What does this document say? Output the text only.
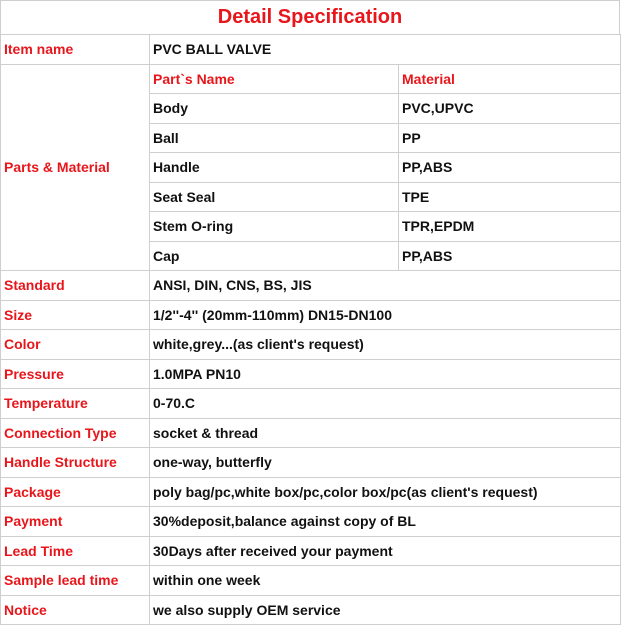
Detail Specification
Item name	PVC BALL VALVE	
Parts & Material	Part`s Name	Material
	Body	PVC,UPVC
	Ball	PP
	Handle	PP,ABS
	Seat Seal	TPE
	Stem O-ring	TPR,EPDM
	Cap	PP,ABS
Standard	ANSI, DIN, CNS, BS, JIS	
Size	1/2''-4'' (20mm-110mm) DN15-DN100	
Color	white,grey...(as client's request)	
Pressure	1.0MPA PN10	
Temperature	0-70.C	
Connection Type	socket & thread	
Handle Structure	one-way, butterfly	
Package	poly bag/pc,white box/pc,color box/pc(as client's request)	
Payment	30%deposit,balance against copy of BL	
Lead Time	30Days after received your payment	
Sample lead time	within one week	
Notice	we also supply OEM service	
